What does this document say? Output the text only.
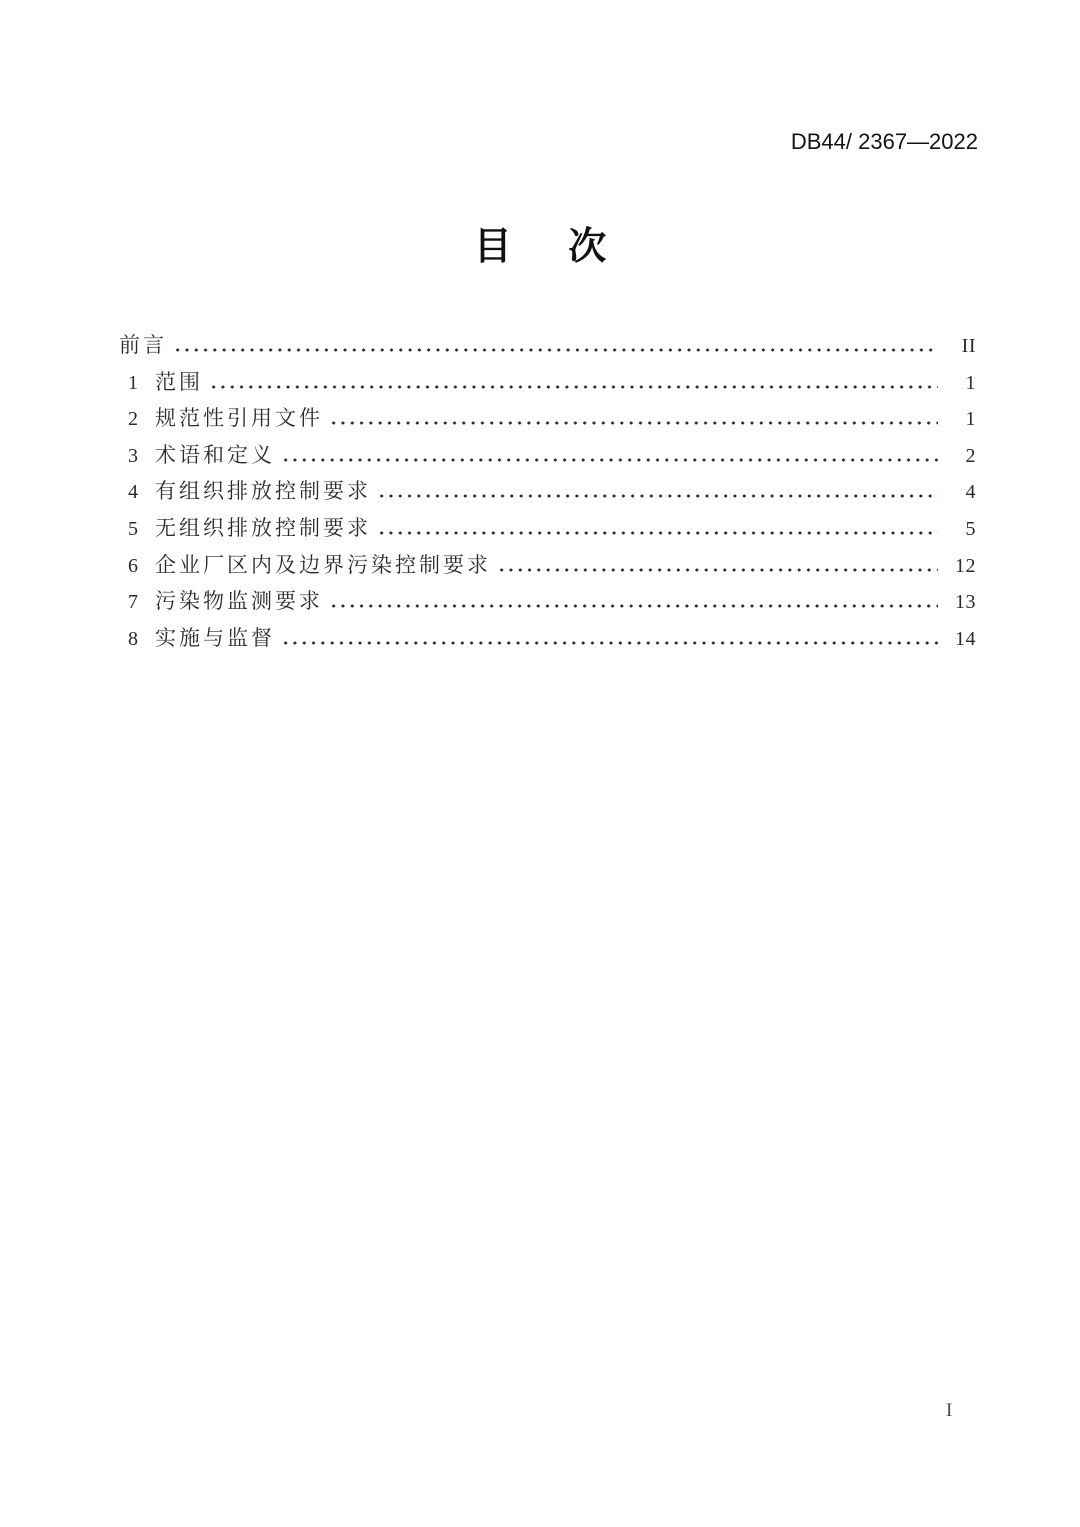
DB44/ 2367—2022
目 次
前言	II
1 范围	1
2 规范性引用文件	1
3 术语和定义	2
4 有组织排放控制要求	4
5 无组织排放控制要求	5
6 企业厂区内及边界污染控制要求	12
7 污染物监测要求	13
8 实施与监督	14
I
